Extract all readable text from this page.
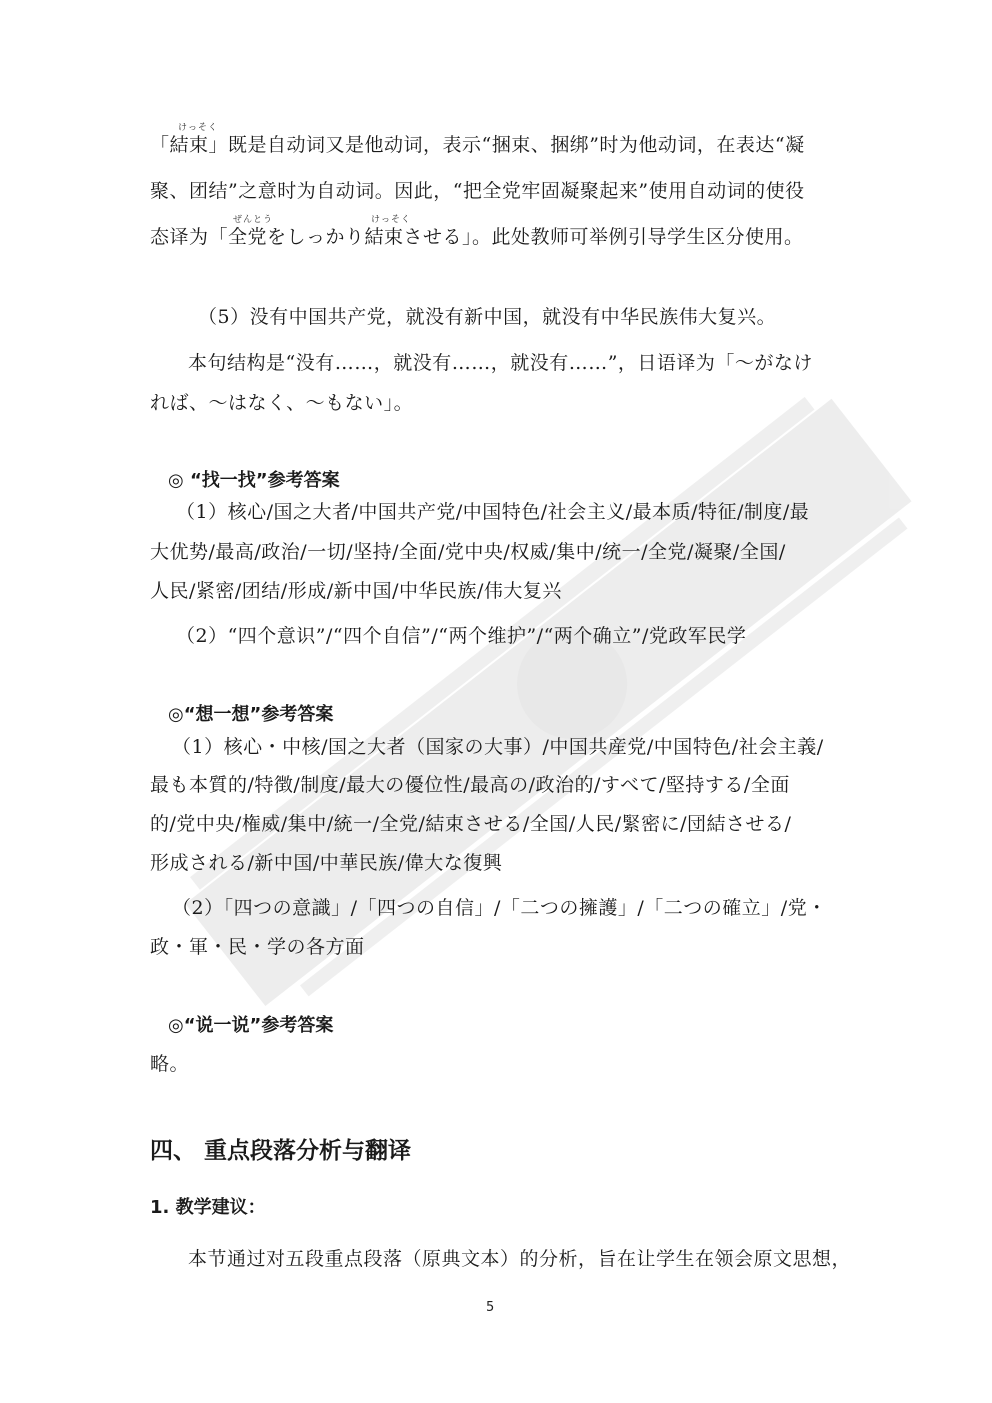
けっそく
ぜんとう	けっそく
「結束」既是自动词又是他动词，表示“捆束、捆绑”时为他动词，在表达“凝
聚、团结”之意时为自动词。因此，“把全党牢固凝聚起来”使用自动词的使役
态译为「全党をしっかり結束させる」。此处教师可举例引导学生区分使用。
（5）没有中国共产党，就没有新中国，就没有中华民族伟大复兴。
本句结构是“没有……，就没有……，就没有……”，日语译为「～がなけ
れば、～はなく、～もない」。
◎ “找一找”参考答案
（1）核心/国之大者/中国共产党/中国特色/社会主义/最本质/特征/制度/最
大优势/最高/政治/一切/坚持/全面/党中央/权威/集中/统一/全党/凝聚/全国/
人民/紧密/团结/形成/新中国/中华民族/伟大复兴
（2）“四个意识”/“四个自信”/“两个维护”/“两个确立”/党政军民学
◎“想一想”参考答案
（1）核心・中核/国之大者（国家の大事）/中国共産党/中国特色/社会主義/
最も本質的/特徴/制度/最大の優位性/最高の/政治的/すべて/堅持する/全面
的/党中央/権威/集中/統一/全党/結束させる/全国/人民/緊密に/団結させる/
形成される/新中国/中華民族/偉大な復興
（2）「四つの意識」/「四つの自信」/「二つの擁護」/「二つの確立」/党・
政・軍・民・学の各方面
◎“说一说”参考答案
略。
四、 重点段落分析与翻译
1. 教学建议：
本节通过对五段重点段落（原典文本）的分析，旨在让学生在领会原文思想，
5
